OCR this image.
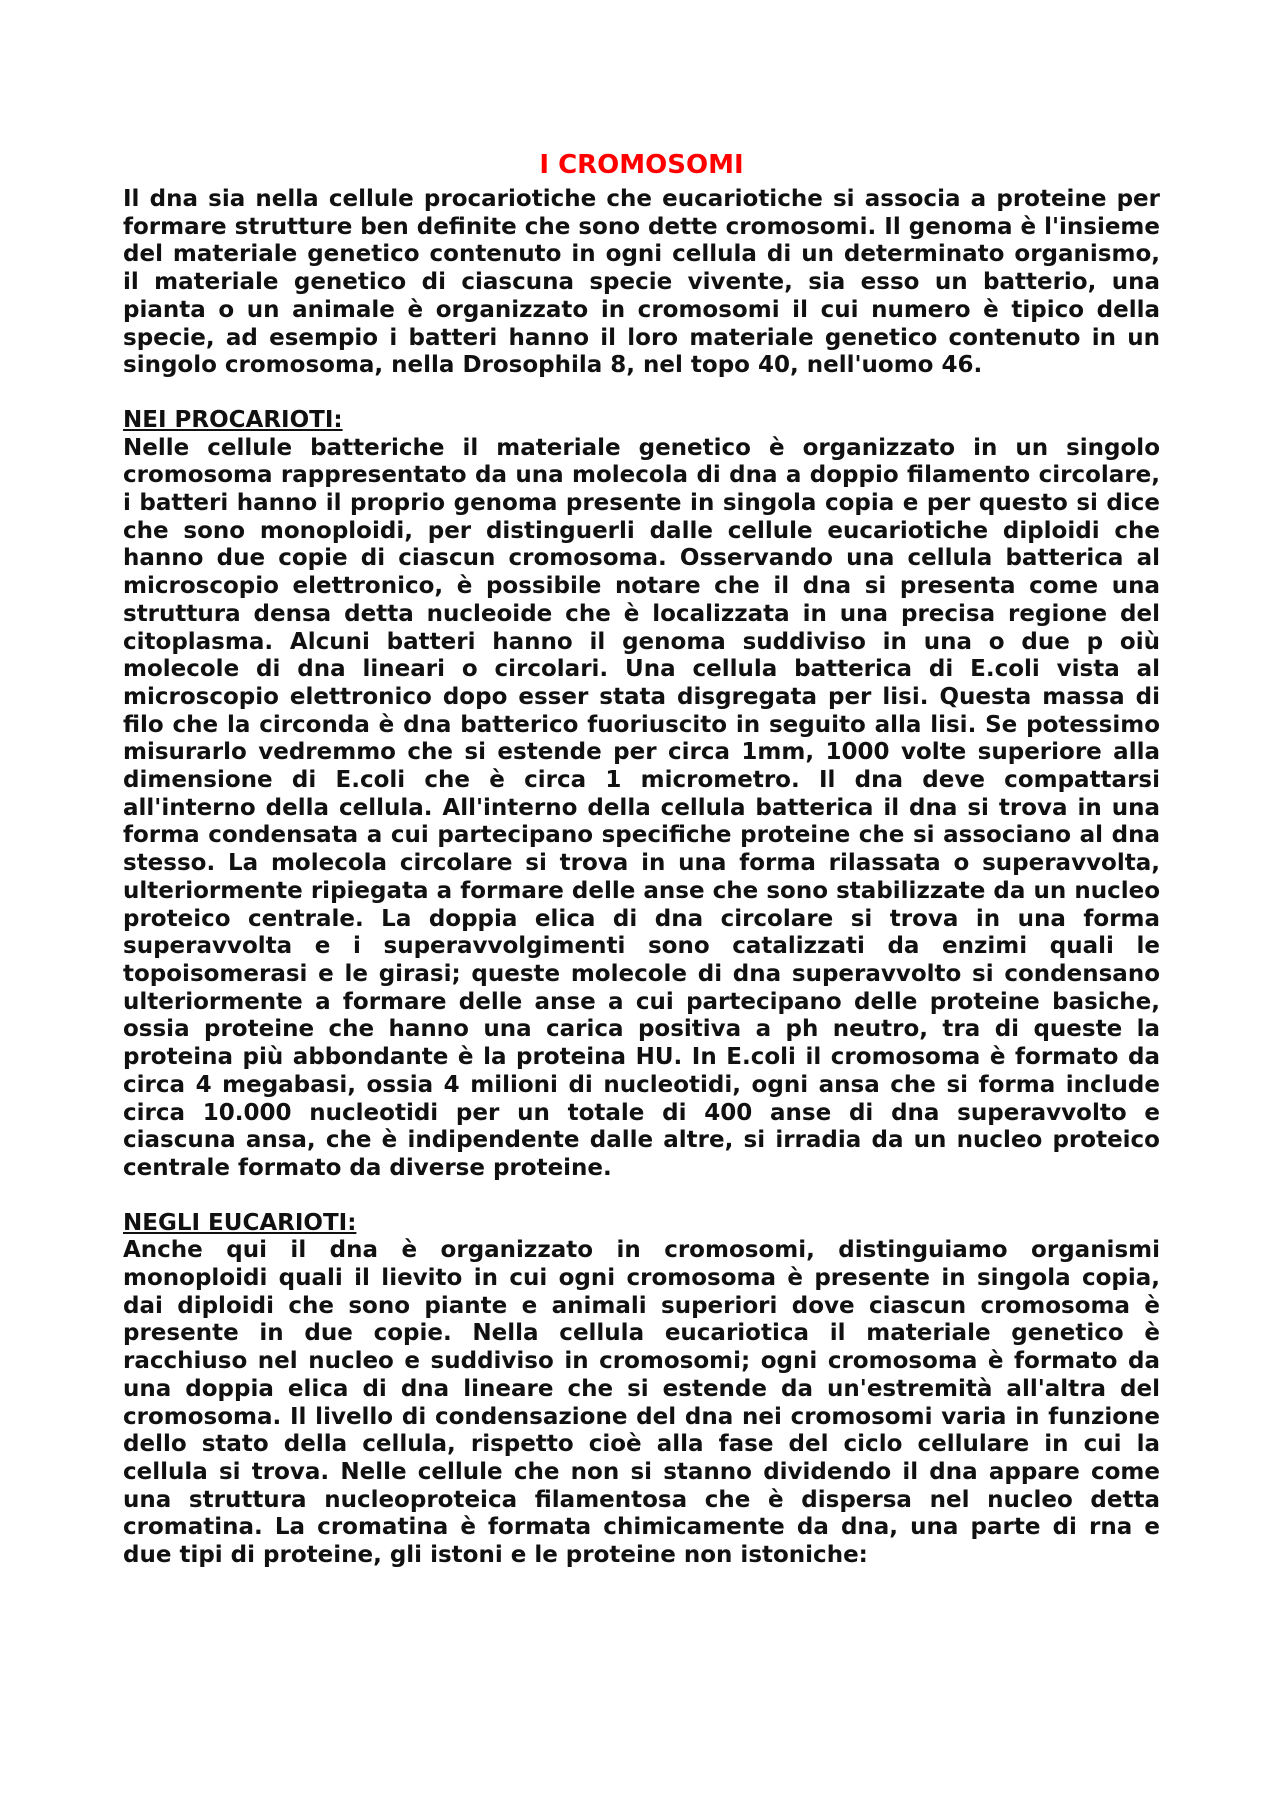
I CROMOSOMI

Il dna sia nella cellule procariotiche che eucariotiche si associa a proteine per formare strutture ben definite che sono dette cromosomi. Il genoma è l'insieme del materiale genetico contenuto in ogni cellula di un determinato organismo, il materiale genetico di ciascuna specie vivente, sia esso un batterio, una pianta o un animale è organizzato in cromosomi il cui numero è tipico della specie, ad esempio i batteri hanno il loro materiale genetico contenuto in un singolo cromosoma, nella Drosophila 8, nel topo 40, nell'uomo 46.

NEI PROCARIOTI:

Nelle cellule batteriche il materiale genetico è organizzato in un singolo cromosoma rappresentato da una molecola di dna a doppio filamento circolare, i batteri hanno il proprio genoma presente in singola copia e per questo si dice che sono monoploidi, per distinguerli dalle cellule eucariotiche diploidi che hanno due copie di ciascun cromosoma. Osservando una cellula batterica al microscopio elettronico, è possibile notare che il dna si presenta come una struttura densa detta nucleoide che è localizzata in una precisa regione del citoplasma. Alcuni batteri hanno il genoma suddiviso in una o due p oiù molecole di dna lineari o circolari. Una cellula batterica di E.coli vista al microscopio elettronico dopo esser stata disgregata per lisi. Questa massa di filo che la circonda è dna batterico fuoriuscito in seguito alla lisi. Se potessimo misurarlo vedremmo che si estende per circa 1mm, 1000 volte superiore alla dimensione di E.coli che è circa 1 micrometro. Il dna deve compattarsi all'interno della cellula. All'interno della cellula batterica il dna si trova in una forma condensata a cui partecipano specifiche proteine che si associano al dna stesso. La molecola circolare si trova in una forma rilassata o superavvolta, ulteriormente ripiegata a formare delle anse che sono stabilizzate da un nucleo proteico centrale. La doppia elica di dna circolare si trova in una forma superavvolta e i superavvolgimenti sono catalizzati da enzimi quali le topoisomerasi e le girasi; queste molecole di dna superavvolto si condensano ulteriormente a formare delle anse a cui partecipano delle proteine basiche, ossia proteine che hanno una carica positiva a ph neutro, tra di queste la proteina più abbondante è la proteina HU. In E.coli il cromosoma è formato da circa 4 megabasi, ossia 4 milioni di nucleotidi, ogni ansa che si forma include circa 10.000 nucleotidi per un totale di 400 anse di dna superavvolto e ciascuna ansa, che è indipendente dalle altre, si irradia da un nucleo proteico centrale formato da diverse proteine.

NEGLI EUCARIOTI:

Anche qui il dna è organizzato in cromosomi, distinguiamo organismi monoploidi quali il lievito in cui ogni cromosoma è presente in singola copia, dai diploidi che sono piante e animali superiori dove ciascun cromosoma è presente in due copie. Nella cellula eucariotica il materiale genetico è racchiuso nel nucleo e suddiviso in cromosomi; ogni cromosoma è formato da una doppia elica di dna lineare che si estende da un'estremità all'altra del cromosoma. Il livello di condensazione del dna nei cromosomi varia in funzione dello stato della cellula, rispetto cioè alla fase del ciclo cellulare in cui la cellula si trova. Nelle cellule che non si stanno dividendo il dna appare come una struttura nucleoproteica filamentosa che è dispersa nel nucleo detta cromatina. La cromatina è formata chimicamente da dna, una parte di rna e due tipi di proteine, gli istoni e le proteine non istoniche:
